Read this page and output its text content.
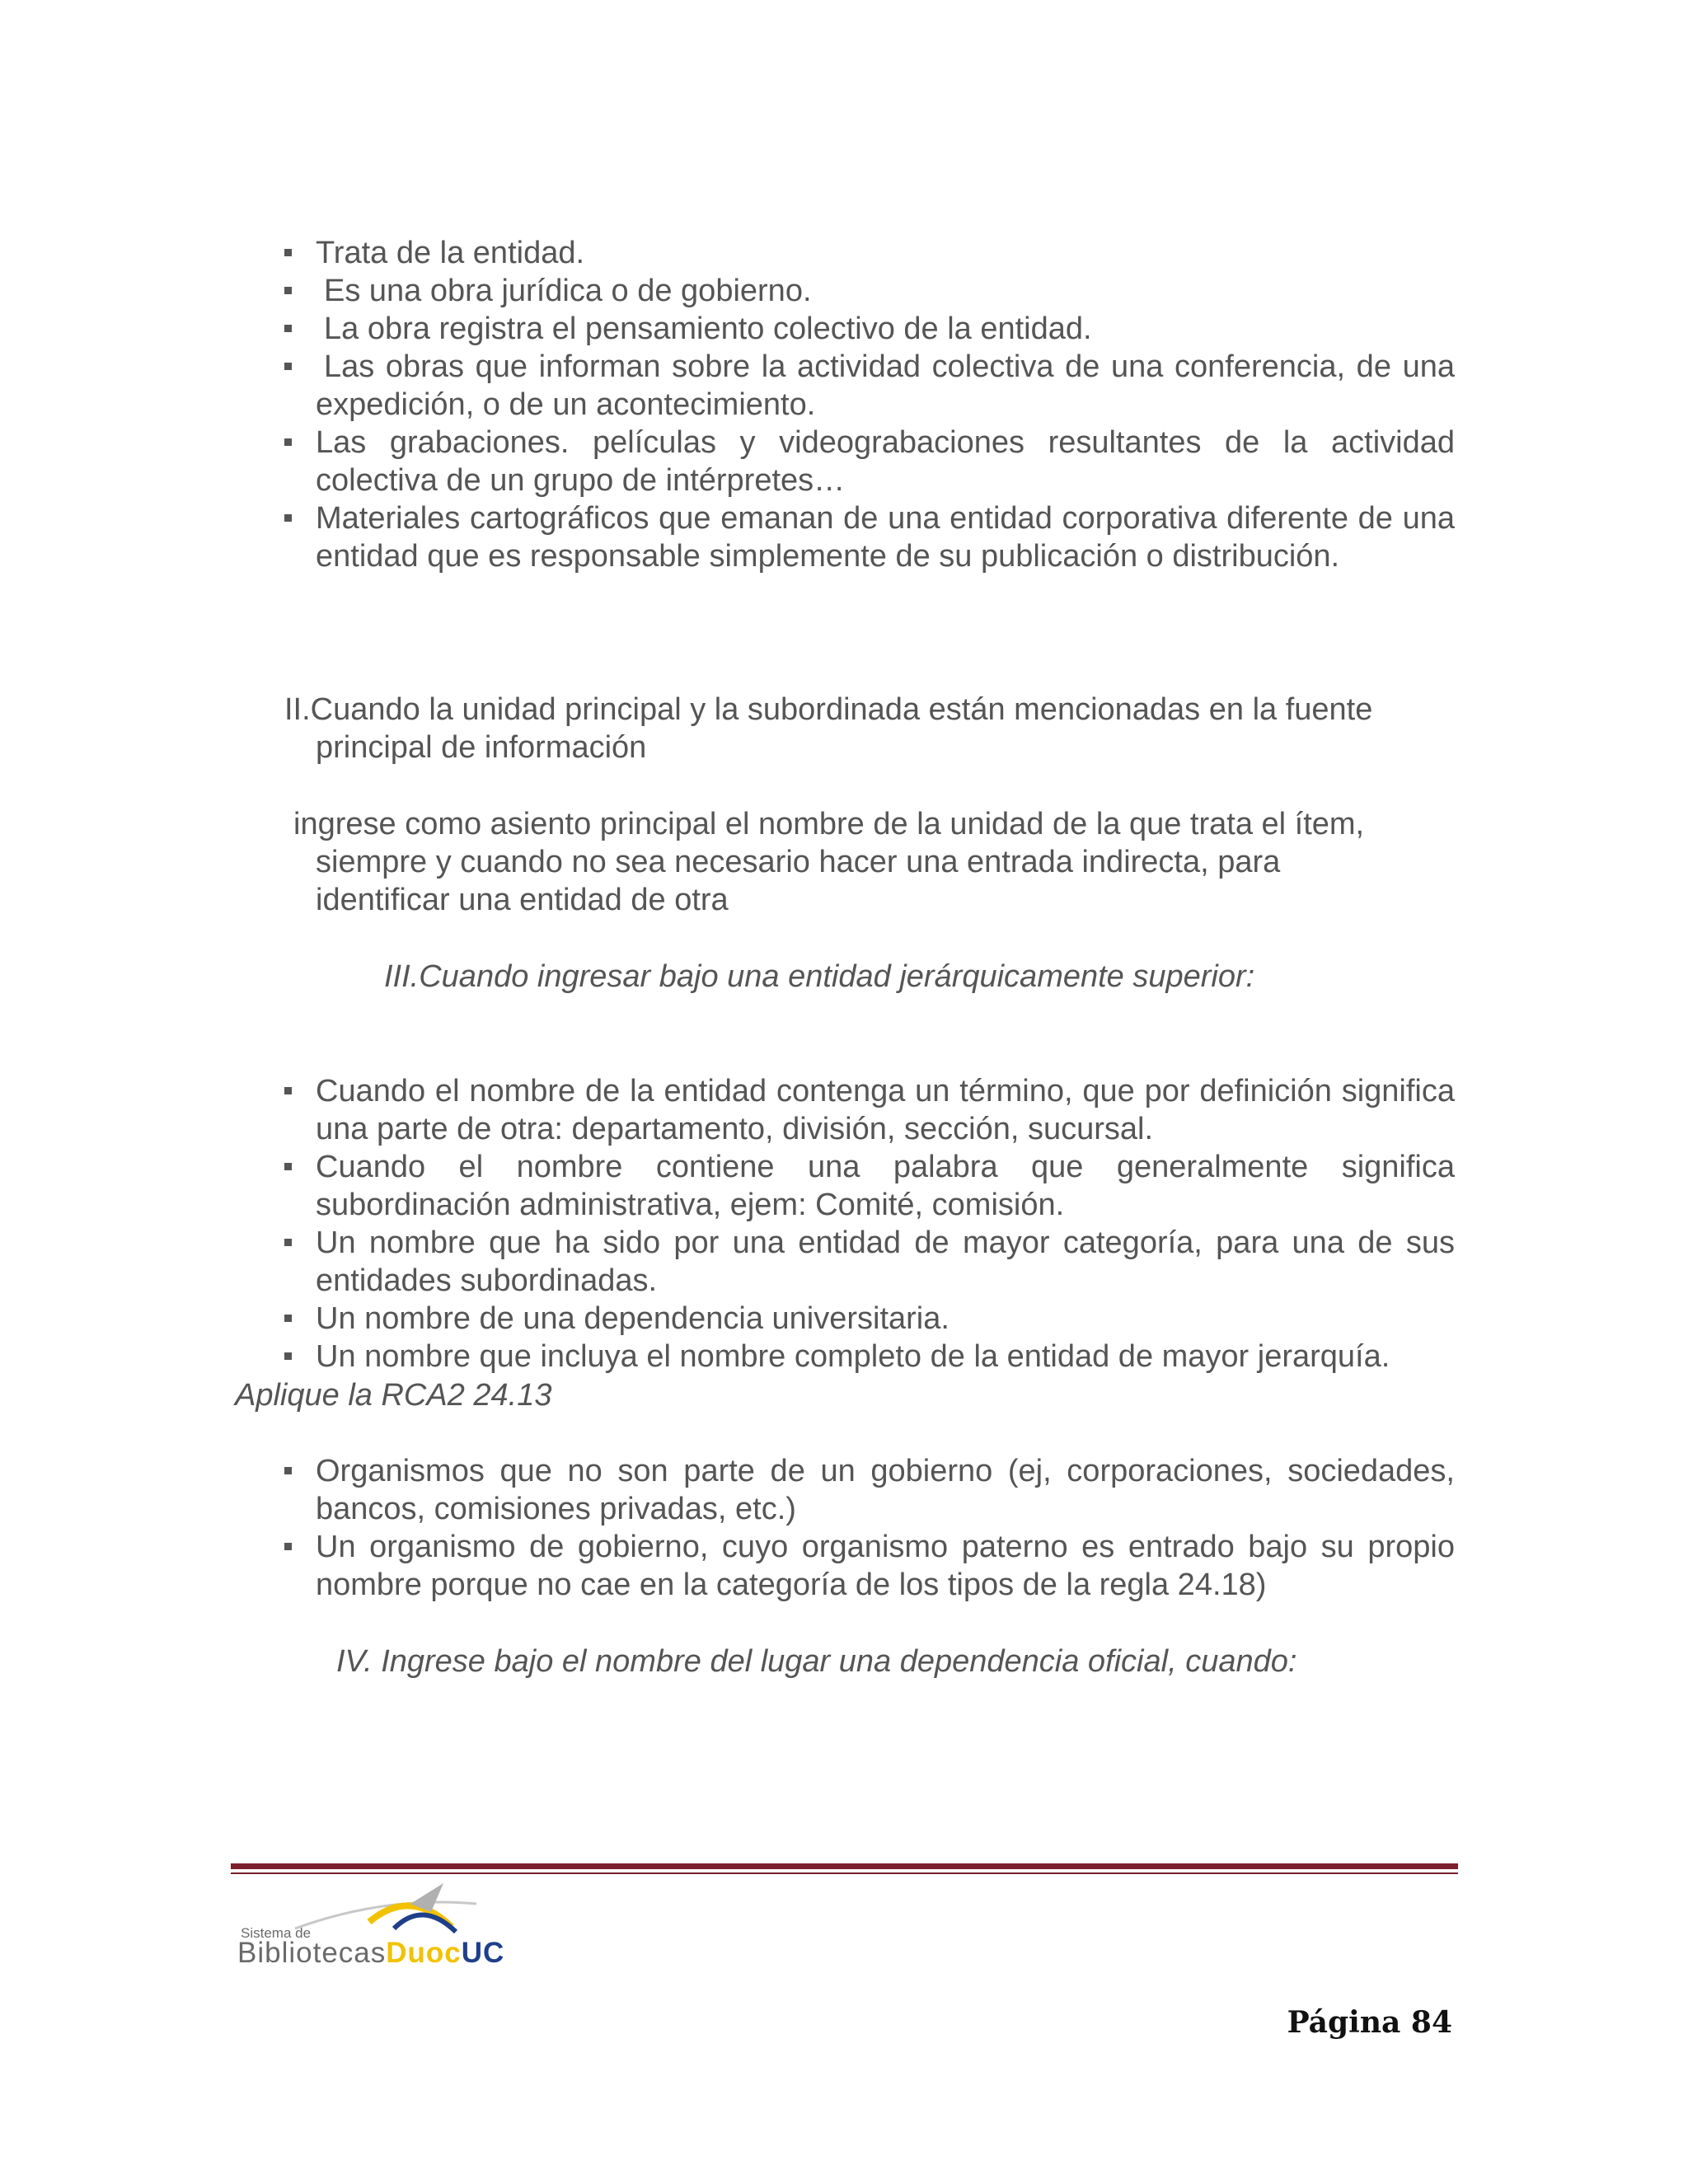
Trata de la entidad.
Es una obra jurídica o de gobierno.
La obra registra el pensamiento colectivo de la entidad.
Las obras que informan sobre la actividad colectiva de una conferencia, de una expedición, o de un acontecimiento.
Las grabaciones. películas y videograbaciones resultantes de la actividad colectiva de un grupo de intérpretes…
Materiales cartográficos que emanan de una entidad corporativa diferente de una entidad que es responsable simplemente de su publicación o distribución.
II.Cuando la unidad principal y la subordinada están mencionadas en la fuente
principal de información
ingrese como asiento principal el nombre de la unidad de la que trata el ítem,
siempre y cuando no sea necesario hacer una entrada indirecta, para
identificar una entidad de otra
III.Cuando ingresar bajo una entidad jerárquicamente superior:
Cuando el nombre de la entidad contenga un término, que por definición significa una parte de otra: departamento, división, sección, sucursal.
Cuando el nombre contiene una palabra que generalmente significa subordinación administrativa, ejem: Comité, comisión.
Un nombre que ha sido por una entidad de mayor categoría, para una de sus entidades subordinadas.
Un nombre de una dependencia universitaria.
Un nombre que incluya el nombre completo de la entidad de mayor jerarquía.
Aplique la RCA2 24.13
Organismos que no son parte de un gobierno (ej, corporaciones, sociedades, bancos, comisiones privadas, etc.)
Un organismo de gobierno, cuyo organismo paterno es entrado bajo su propio nombre porque no cae en la categoría de los tipos de la regla 24.18)
IV. Ingrese bajo el nombre del lugar una dependencia oficial, cuando:
Sistema de
BibliotecasDuocUC
Página 84
